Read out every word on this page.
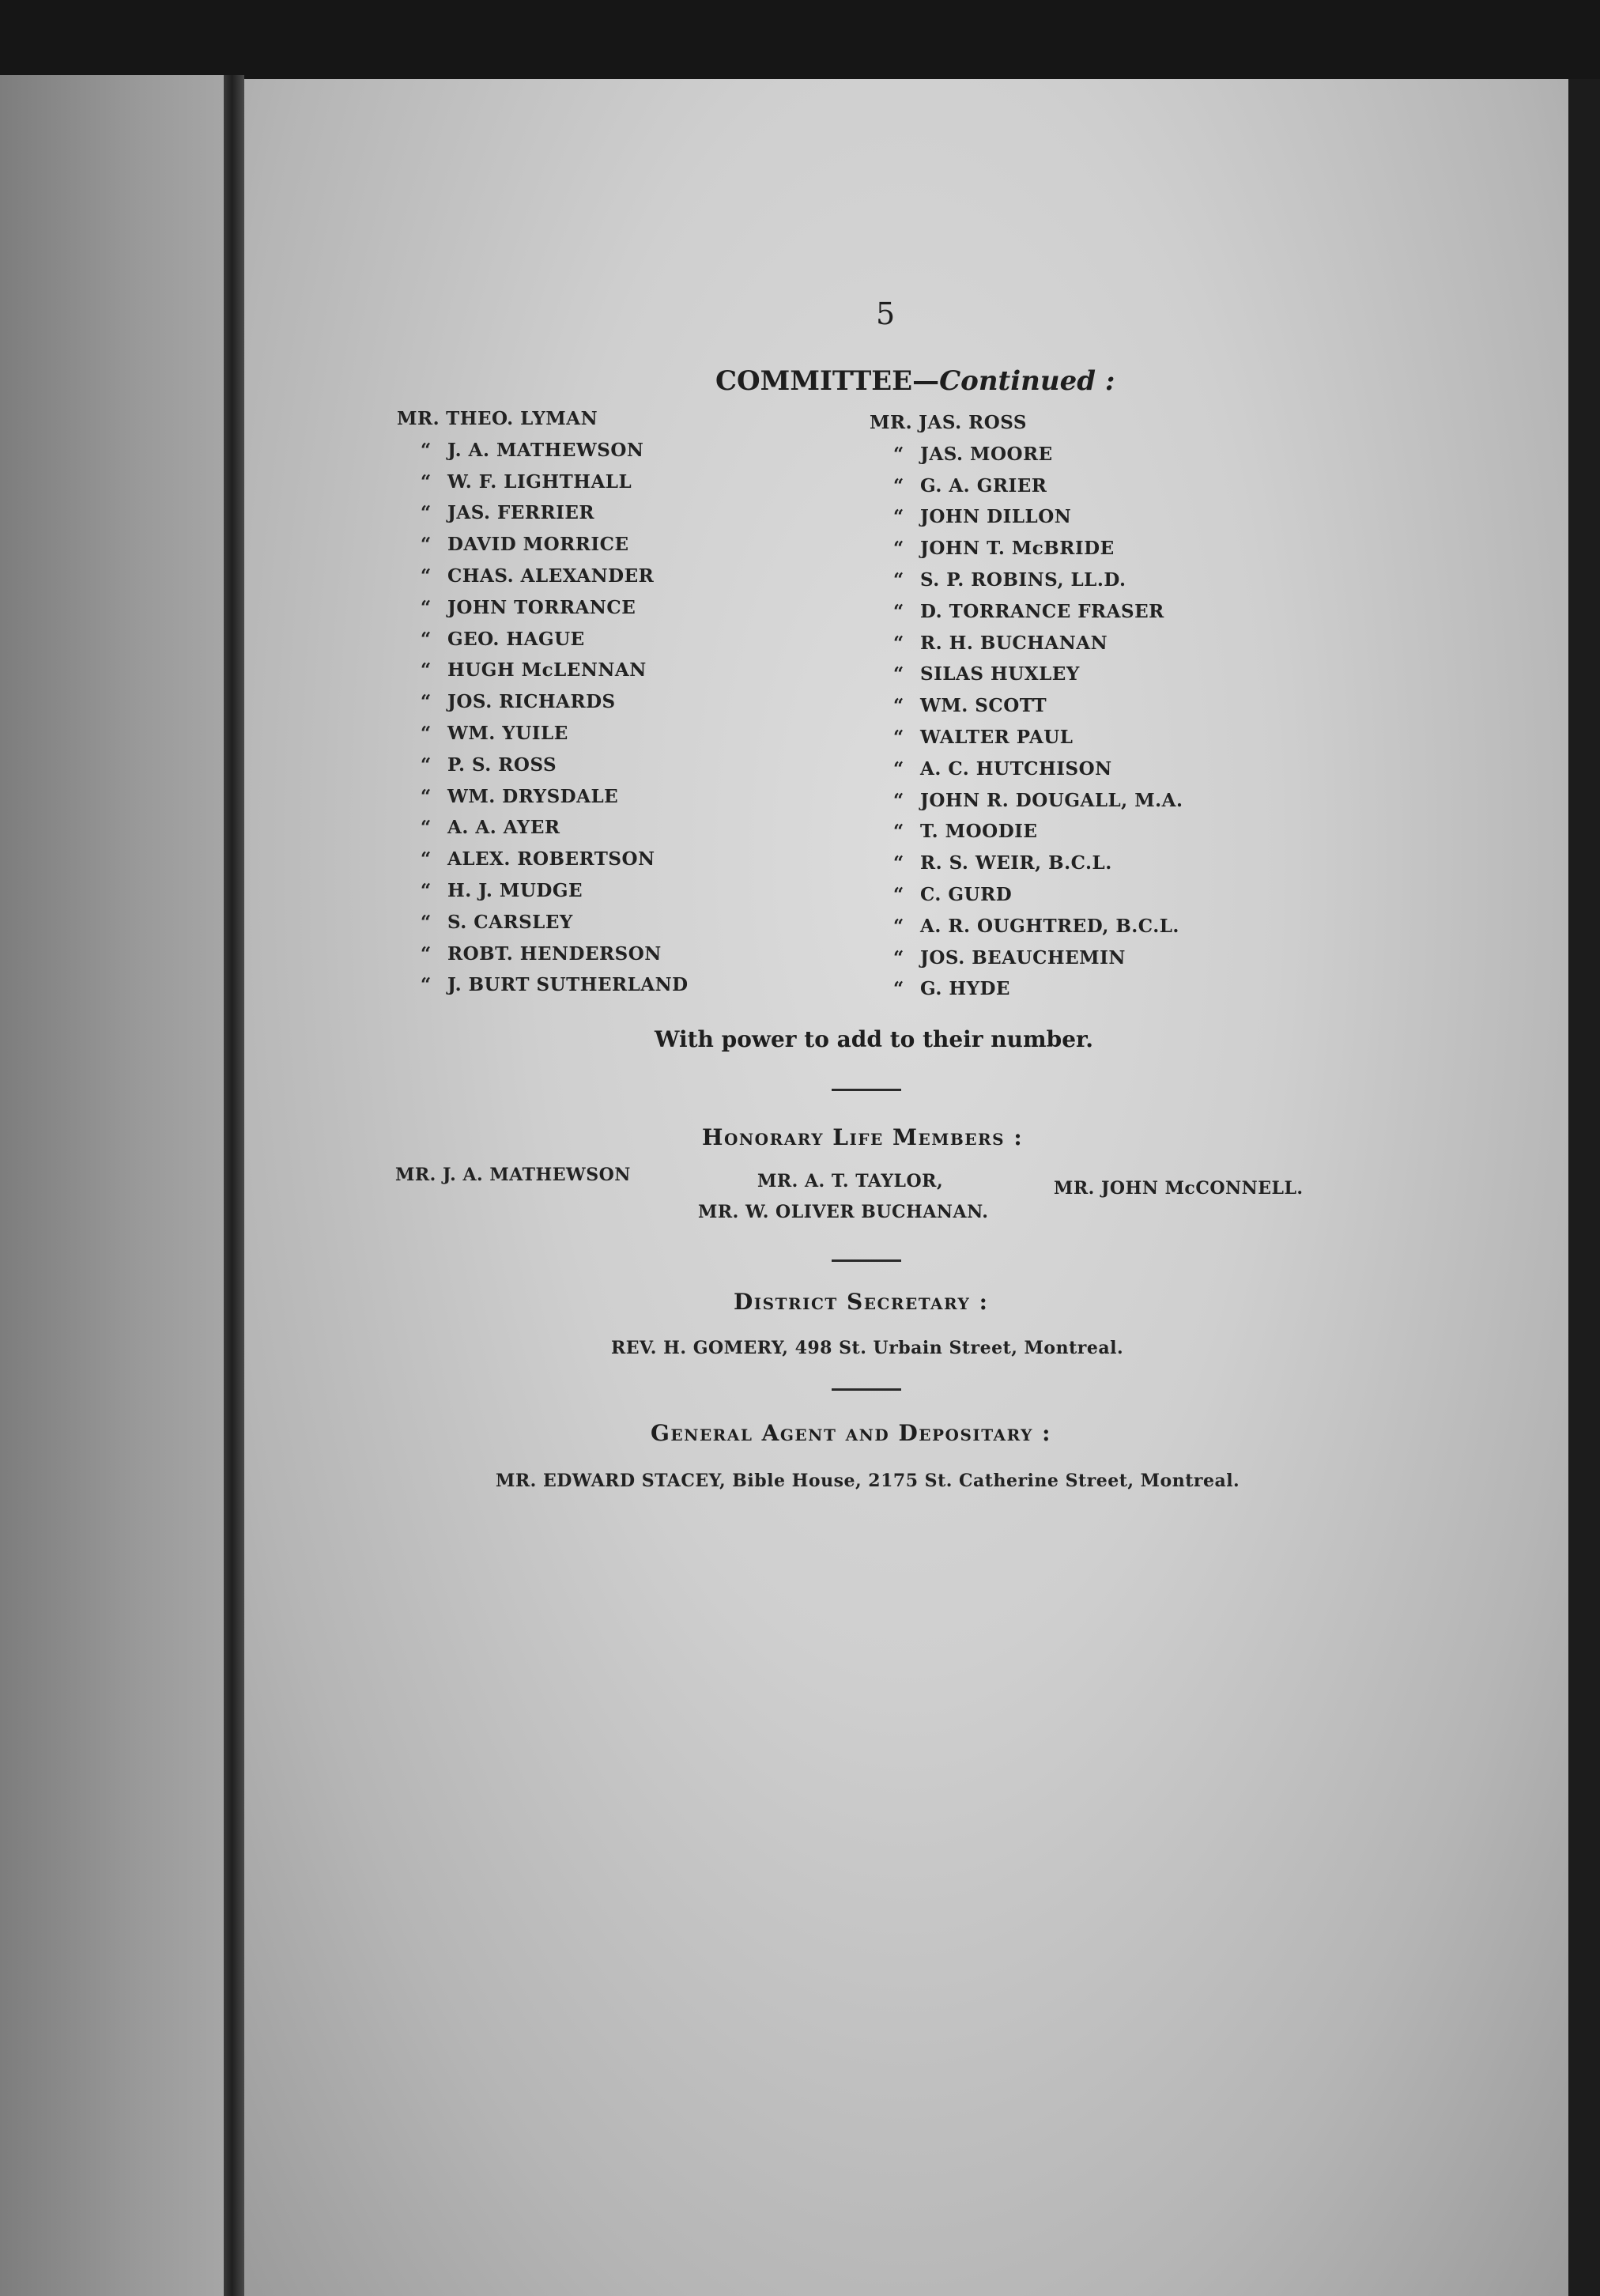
5
COMMITTEE—Continued :
MR. THEO. LYMAN
“ J. A. MATHEWSON
“ W. F. LIGHTHALL
“ JAS. FERRIER
“ DAVID MORRICE
“ CHAS. ALEXANDER
“ JOHN TORRANCE
“ GEO. HAGUE
“ HUGH McLENNAN
“ JOS. RICHARDS
“ WM. YUILE
“ P. S. ROSS
“ WM. DRYSDALE
“ A. A. AYER
“ ALEX. ROBERTSON
“ H. J. MUDGE
“ S. CARSLEY
“ ROBT. HENDERSON
“ J. BURT SUTHERLAND
MR. JAS. ROSS
“ JAS. MOORE
“ G. A. GRIER
“ JOHN DILLON
“ JOHN T. McBRIDE
“ S. P. ROBINS, LL.D.
“ D. TORRANCE FRASER
“ R. H. BUCHANAN
“ SILAS HUXLEY
“ WM. SCOTT
“ WALTER PAUL
“ A. C. HUTCHISON
“ JOHN R. DOUGALL, M.A.
“ T. MOODIE
“ R. S. WEIR, B.C.L.
“ C. GURD
“ A. R. OUGHTRED, B.C.L.
“ JOS. BEAUCHEMIN
“ G. HYDE
With power to add to their number.
Honorary Life Members :
MR. J. A. MATHEWSON	MR. A. T. TAYLOR,	MR. JOHN McCONNELL.
MR. W. OLIVER BUCHANAN.
District Secretary :
REV. H. GOMERY, 498 St. Urbain Street, Montreal.
General Agent and Depositary :
MR. EDWARD STACEY, Bible House, 2175 St. Catherine Street, Montreal.
